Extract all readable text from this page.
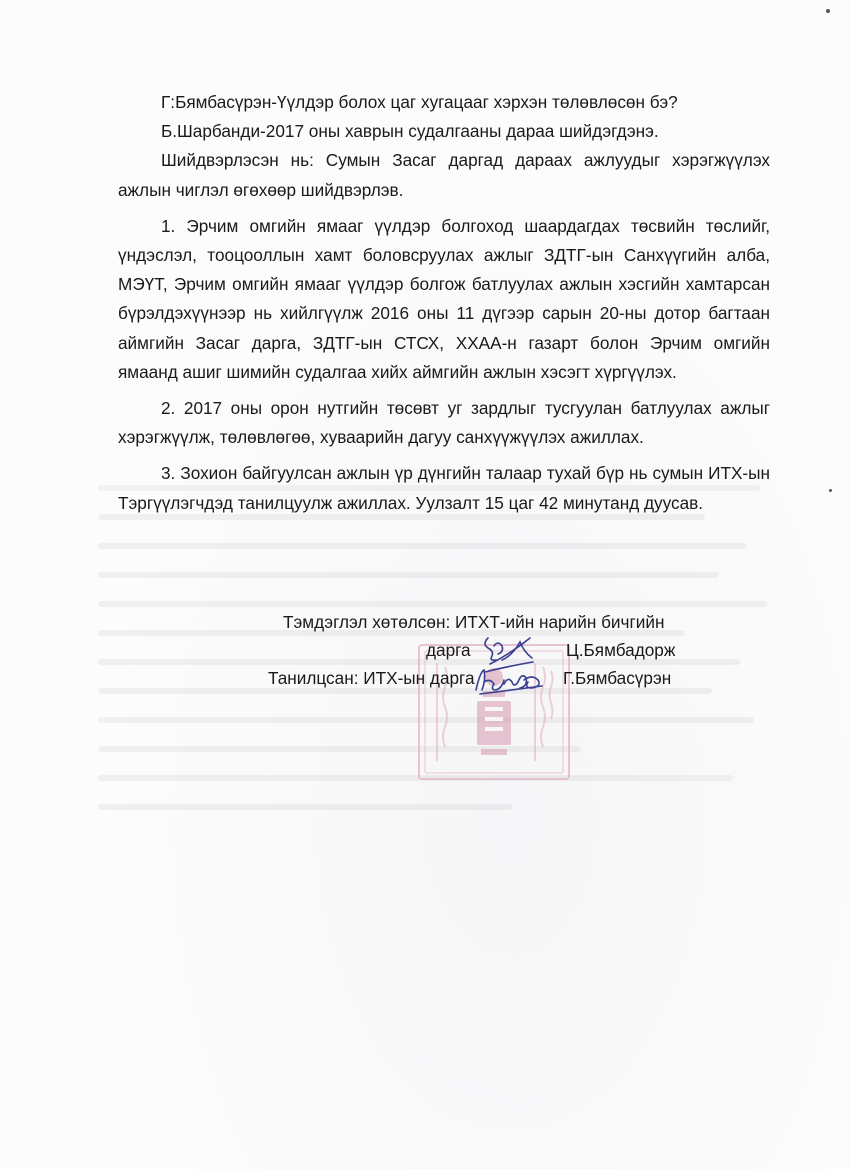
Г:Бямбасүрэн-Үүлдэр болох цаг хугацааг хэрхэн төлөвлөсөн бэ?

Б.Шарбанди-2017 оны хаврын судалгааны дараа шийдэгдэнэ.

Шийдвэрлэсэн нь: Сумын Засаг даргад дараах ажлуудыг хэрэгжүүлэх ажлын чиглэл өгөхөөр шийдвэрлэв.

1. Эрчим омгийн ямааг үүлдэр болгоход шаардагдах төсвийн төслийг, үндэслэл, тооцооллын хамт боловсруулах ажлыг ЗДТГ-ын Санхүүгийн алба, МЭҮТ, Эрчим омгийн ямааг үүлдэр болгож батлуулах ажлын хэсгийн хамтарсан бүрэлдэхүүнээр нь хийлгүүлж 2016 оны 11 дүгээр сарын 20-ны дотор багтаан аймгийн Засаг дарга, ЗДТГ-ын СТСХ, ХХАА-н газарт болон Эрчим омгийн ямаанд ашиг шимийн судалгаа хийх аймгийн ажлын хэсэгт хүргүүлэх.

2. 2017 оны орон нутгийн төсөвт уг зардлыг тусгуулан батлуулах ажлыг хэрэгжүүлж, төлөвлөгөө, хуваарийн дагуу санхүүжүүлэх ажиллах.

3. Зохион байгуулсан ажлын үр дүнгийн талаар тухай бүр нь сумын ИТХ-ын Тэргүүлэгчдэд танилцуулж ажиллах. Уулзалт 15 цаг 42 минутанд дуусав.

Тэмдэглэл хөтөлсөн: ИТХТ-ийн нарийн бичгийн
дарга	Ц.Бямбадорж
Танилцсан: ИТХ-ын дарга	Г.Бямбасүрэн
